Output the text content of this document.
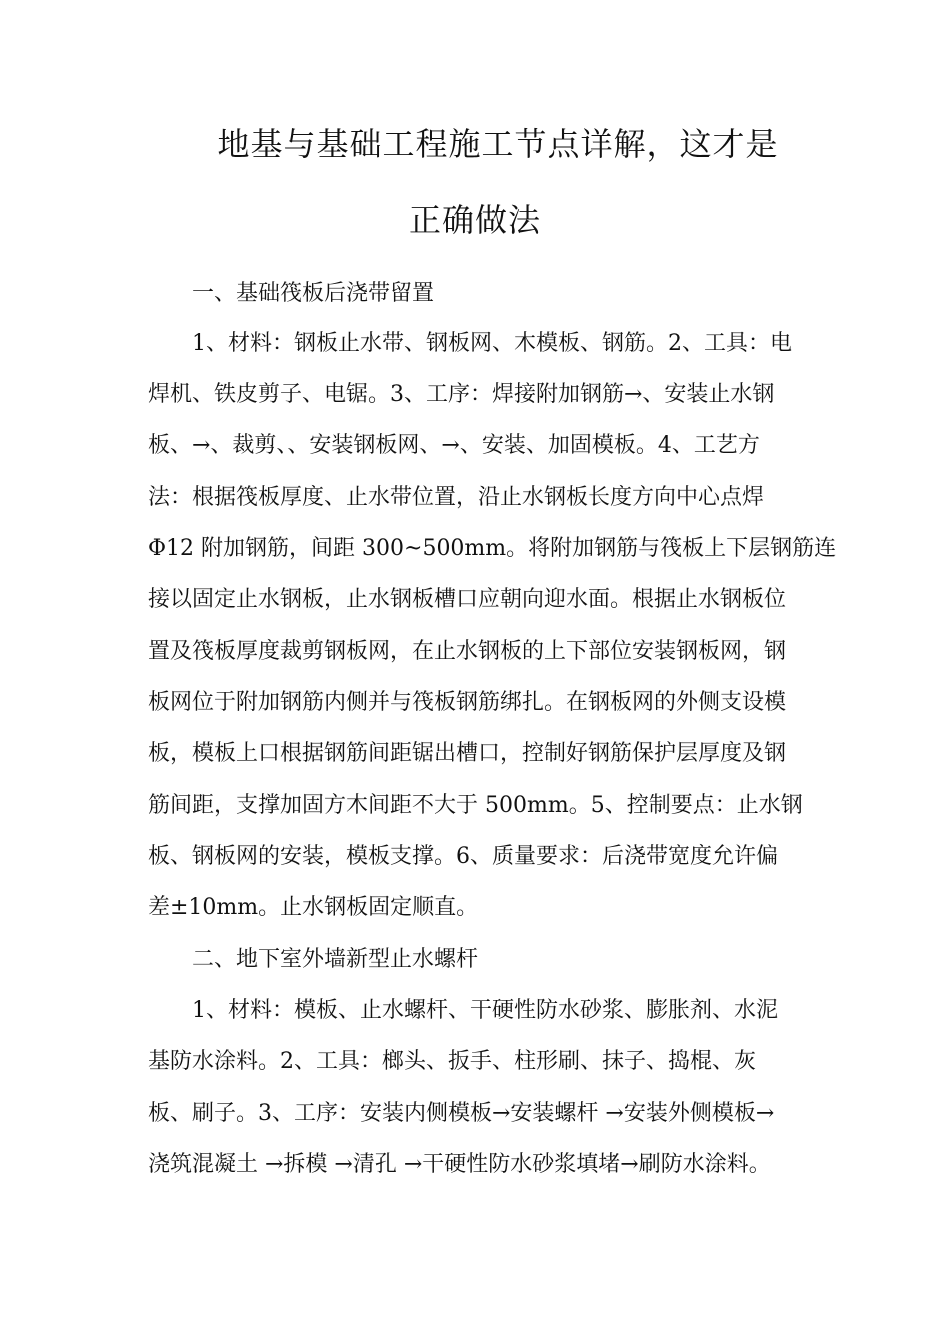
地基与基础工程施工节点详解，这才是
正确做法
一、基础筏板后浇带留置
1、材料：钢板止水带、钢板网、木模板、钢筋。2、工具：电
焊机、铁皮剪子、电锯。3、工序：焊接附加钢筋→、安装止水钢
板、→、裁剪、、安装钢板网、→、安装、加固模板。4、工艺方
法：根据筏板厚度、止水带位置，沿止水钢板长度方向中心点焊
Φ12 附加钢筋，间距 300~500mm。将附加钢筋与筏板上下层钢筋连
接以固定止水钢板，止水钢板槽口应朝向迎水面。根据止水钢板位
置及筏板厚度裁剪钢板网，在止水钢板的上下部位安装钢板网，钢
板网位于附加钢筋内侧并与筏板钢筋绑扎。在钢板网的外侧支设模
板，模板上口根据钢筋间距锯出槽口，控制好钢筋保护层厚度及钢
筋间距，支撑加固方木间距不大于 500mm。5、控制要点：止水钢
板、钢板网的安装，模板支撑。6、质量要求：后浇带宽度允许偏
差±10mm。止水钢板固定顺直。
二、地下室外墙新型止水螺杆
1、材料：模板、止水螺杆、干硬性防水砂浆、膨胀剂、水泥
基防水涂料。2、工具：榔头、扳手、柱形刷、抹子、捣棍、灰
板、刷子。3、工序：安装内侧模板→安装螺杆 →安装外侧模板→
浇筑混凝土 →拆模 →清孔 →干硬性防水砂浆填堵→刷防水涂料。
